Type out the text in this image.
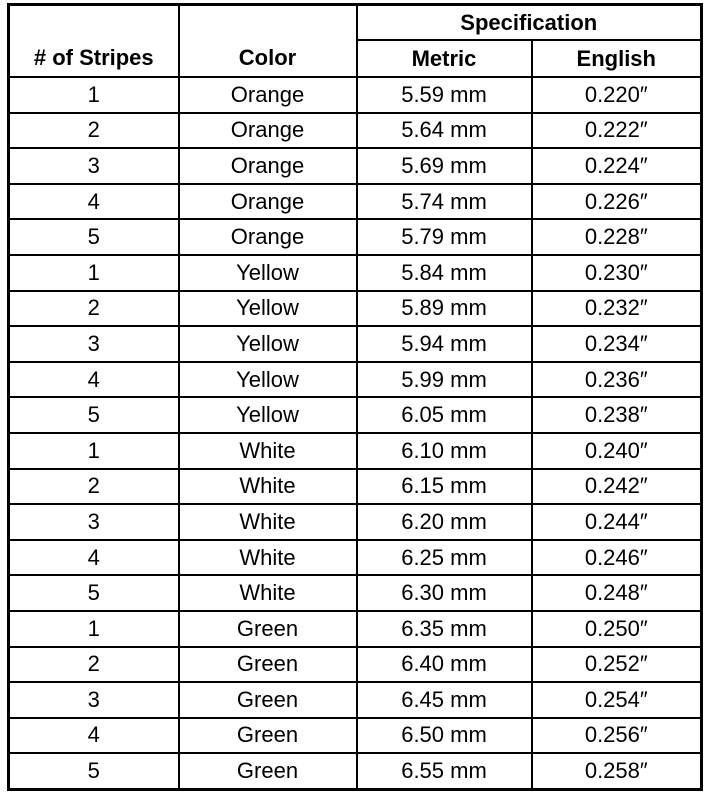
		Specification	
# of Stripes	Color	Metric	English
1	Orange	5.59 mm	0.220″
2	Orange	5.64 mm	0.222″
3	Orange	5.69 mm	0.224″
4	Orange	5.74 mm	0.226″
5	Orange	5.79 mm	0.228″
1	Yellow	5.84 mm	0.230″
2	Yellow	5.89 mm	0.232″
3	Yellow	5.94 mm	0.234″
4	Yellow	5.99 mm	0.236″
5	Yellow	6.05 mm	0.238″
1	White	6.10 mm	0.240″
2	White	6.15 mm	0.242″
3	White	6.20 mm	0.244″
4	White	6.25 mm	0.246″
5	White	6.30 mm	0.248″
1	Green	6.35 mm	0.250″
2	Green	6.40 mm	0.252″
3	Green	6.45 mm	0.254″
4	Green	6.50 mm	0.256″
5	Green	6.55 mm	0.258″
